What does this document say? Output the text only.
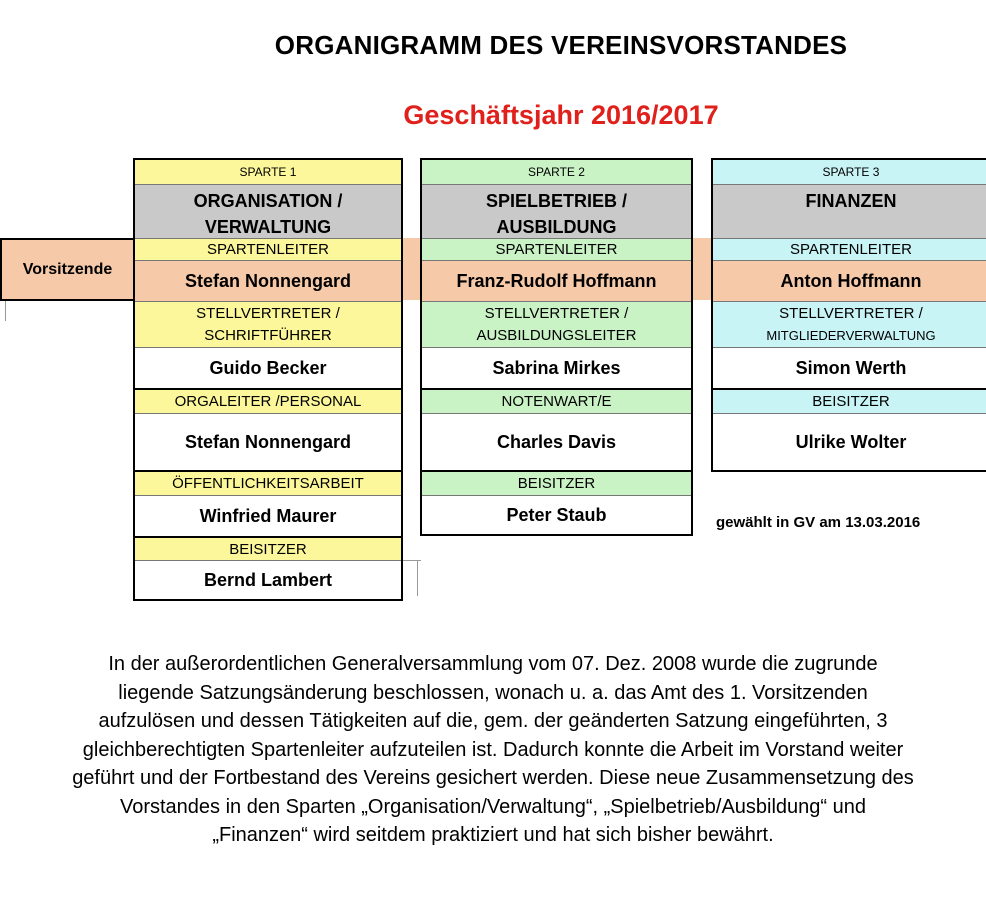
ORGANIGRAMM DES VEREINSVORSTANDES
Geschäftsjahr 2016/2017
Vorsitzende
SPARTE 1
ORGANISATION /
VERWALTUNG
SPARTENLEITER
Stefan Nonnengard
STELLVERTRETER /
SCHRIFTFÜHRER
Guido Becker
ORGALEITER /PERSONAL
Stefan Nonnengard
ÖFFENTLICHKEITSARBEIT
Winfried Maurer
BEISITZER
Bernd Lambert
SPARTE 2
SPIELBETRIEB /
AUSBILDUNG
SPARTENLEITER
Franz-Rudolf Hoffmann
STELLVERTRETER /
AUSBILDUNGSLEITER
Sabrina Mirkes
NOTENWART/E
Charles Davis
BEISITZER
Peter Staub
SPARTE 3
FINANZEN
SPARTENLEITER
Anton Hoffmann
STELLVERTRETER /
MITGLIEDERVERWALTUNG
Simon Werth
BEISITZER
Ulrike Wolter
gewählt in GV am 13.03.2016
In der außerordentlichen Generalversammlung vom 07. Dez. 2008 wurde die zugrunde
liegende Satzungsänderung beschlossen, wonach u. a. das Amt des 1. Vorsitzenden
aufzulösen und dessen Tätigkeiten auf die, gem. der geänderten Satzung eingeführten, 3
gleichberechtigten Spartenleiter aufzuteilen ist. Dadurch konnte die Arbeit im Vorstand weiter
geführt und der Fortbestand des Vereins gesichert werden. Diese neue Zusammensetzung des
Vorstandes in den Sparten „Organisation/Verwaltung“, „Spielbetrieb/Ausbildung“ und
„Finanzen“ wird seitdem praktiziert und hat sich bisher bewährt.
